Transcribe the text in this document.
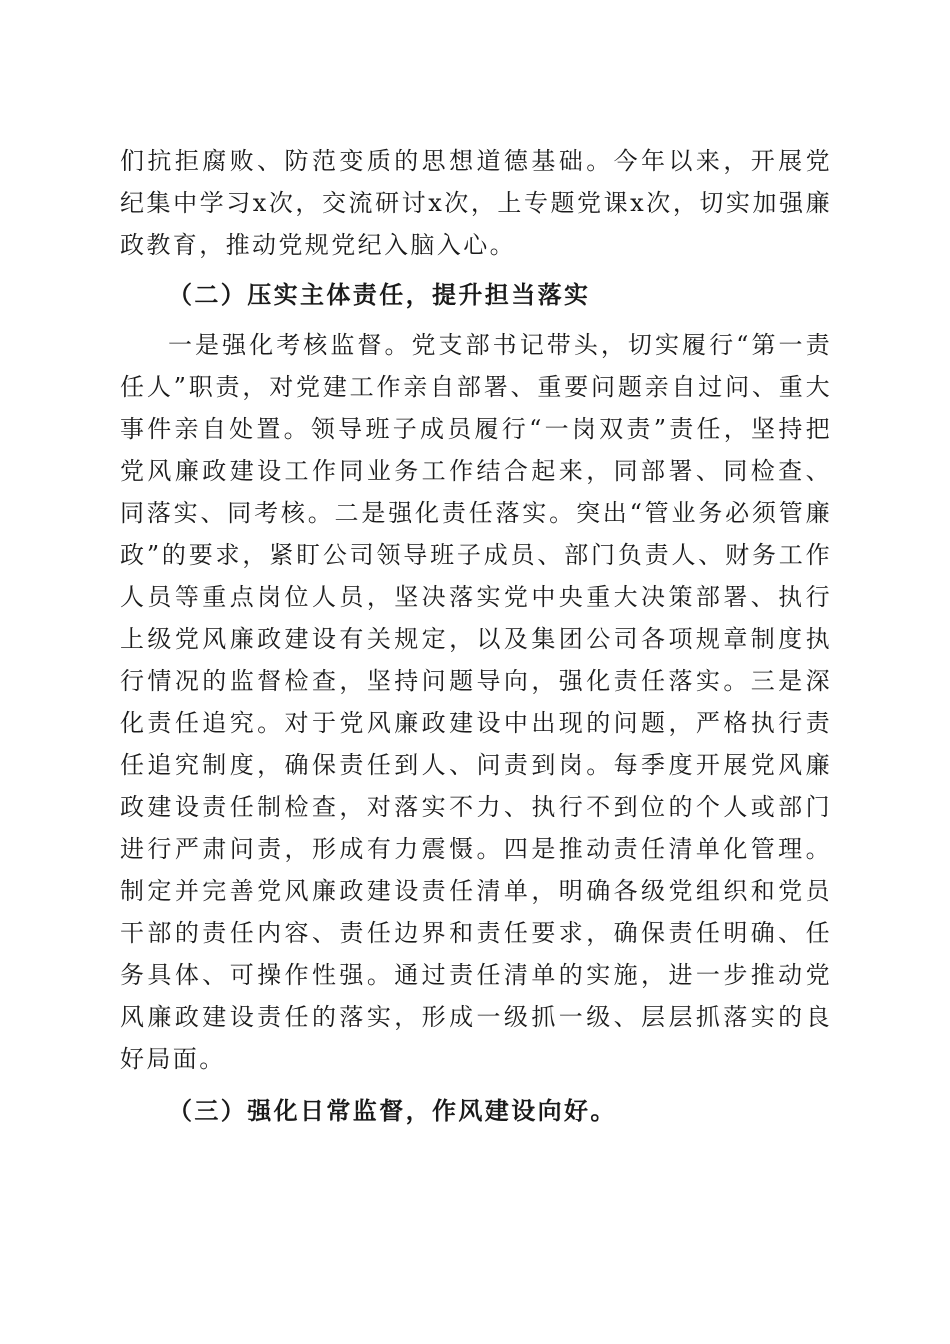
们抗拒腐败、防范变质的思想道德基础。今年以来，开展党纪集中学习x次，交流研讨x次，上专题党课x次，切实加强廉政教育，推动党规党纪入脑入心。

（二）压实主体责任，提升担当落实

一是强化考核监督。党支部书记带头，切实履行“第一责任人”职责，对党建工作亲自部署、重要问题亲自过问、重大事件亲自处置。领导班子成员履行“一岗双责”责任，坚持把党风廉政建设工作同业务工作结合起来，同部署、同检查、同落实、同考核。二是强化责任落实。突出“管业务必须管廉政”的要求，紧盯公司领导班子成员、部门负责人、财务工作人员等重点岗位人员，坚决落实党中央重大决策部署、执行上级党风廉政建设有关规定，以及集团公司各项规章制度执行情况的监督检查，坚持问题导向，强化责任落实。三是深化责任追究。对于党风廉政建设中出现的问题，严格执行责任追究制度，确保责任到人、问责到岗。每季度开展党风廉政建设责任制检查，对落实不力、执行不到位的个人或部门进行严肃问责，形成有力震慑。四是推动责任清单化管理。制定并完善党风廉政建设责任清单，明确各级党组织和党员干部的责任内容、责任边界和责任要求，确保责任明确、任务具体、可操作性强。通过责任清单的实施，进一步推动党风廉政建设责任的落实，形成一级抓一级、层层抓落实的良好局面。

（三）强化日常监督，作风建设向好。
